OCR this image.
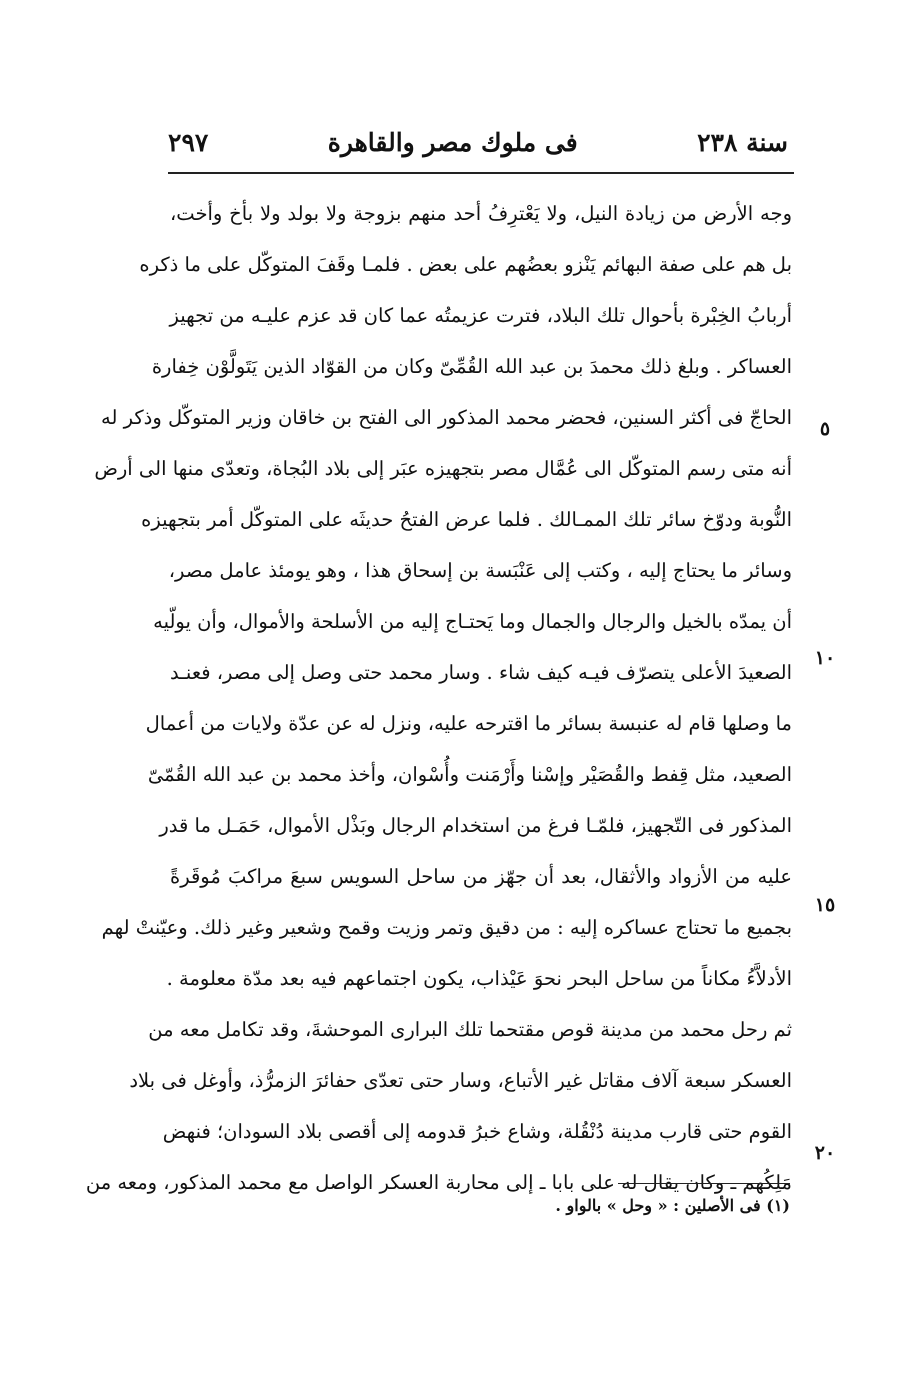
سنة ٢٣٨
فى ملوك مصر والقاهرة
٢٩٧
وجه الأرض من زيادة النيل، ولا يَعْترِفُ أحد منهم بزوجة ولا بولد ولا بأخ وأخت،
بل هم على صفة البهائم يَنْزو بعضُهم على بعض . فلمـا وقَفَ المتوكّل على ما ذكره
أربابُ الخِبْرة بأحوال تلك البلاد، فترت عزيمتُه عما كان قد عزم عليـه من تجهيز
العساكر . وبلغ ذلك محمدَ بن عبد الله القُمِّىّ وكان من القوّاد الذين يَتَولَّوْن خِفارة
الحاجّ فى أكثر السنين، فحضر محمد المذكور الى الفتح بن خاقان وزير المتوكّل وذكر له
أنه متى رسم المتوكّل الى عُمَّال مصر بتجهيزه عبَر إلى بلاد البُجاة، وتعدّى منها الى أرض
النُّوبة ودوّخ سائر تلك الممـالك . فلما عرض الفتحُ حديثَه على المتوكّل أمر بتجهيزه
وسائر ما يحتاج إليه ، وكتب إلى عَنْبَسة بن إسحاق هذا ، وهو يومئذ عامل مصر،
أن يمدّه بالخيل والرجال والجمال وما يَحتـاج إليه من الأسلحة والأموال، وأن يولّيه
الصعيدَ الأعلى يتصرّف فيـه كيف شاء . وسار محمد حتى وصل إلى مصر، فعنـد
ما وصلها قام له عنبسة بسائر ما اقترحه عليه، ونزل له عن عدّة ولايات من أعمال
الصعيد، مثل قِفط والقُصَيْر وإسْنا وأَرْمَنت وأُسْوان، وأخذ محمد بن عبد الله القُمّىّ
المذكور فى التّجهيز، فلمّـا فرغ من استخدام الرجال وبَذْل الأموال، حَمَـل ما قدر
عليه من الأزواد والأثقال، بعد أن جهّز من ساحل السويس سبعَ مراكبَ مُوقَرةً
بجميع ما تحتاج عساكره إليه : من دقيق وتمر وزيت وقمح وشعير وغير ذلك. وعيّنتْ لهم
الأدلاَّءُ مكاناً من ساحل البحر نحوَ عَيْذاب، يكون اجتماعهم فيه بعد مدّة معلومة .
ثم رحل محمد من مدينة قوص مقتحما تلك البرارى الموحشةَ، وقد تكامل معه من
العسكر سبعة آلاف مقاتل غير الأتباع، وسار حتى تعدّى حفائرَ الزمرُّذ، وأوغل فى بلاد
القوم حتى قارب مدينة دُنْقُلة، وشاع خبرُ قدومه إلى أقصى بلاد السودان؛ فنهض
مَلِكُهم ـ وكان يقال له على بابا ـ إلى محاربة العسكر الواصل مع محمد المذكور، ومعه من
٥
١٠
١٥
٢٠
(١) فى الأصلين : « وحل » بالواو .
